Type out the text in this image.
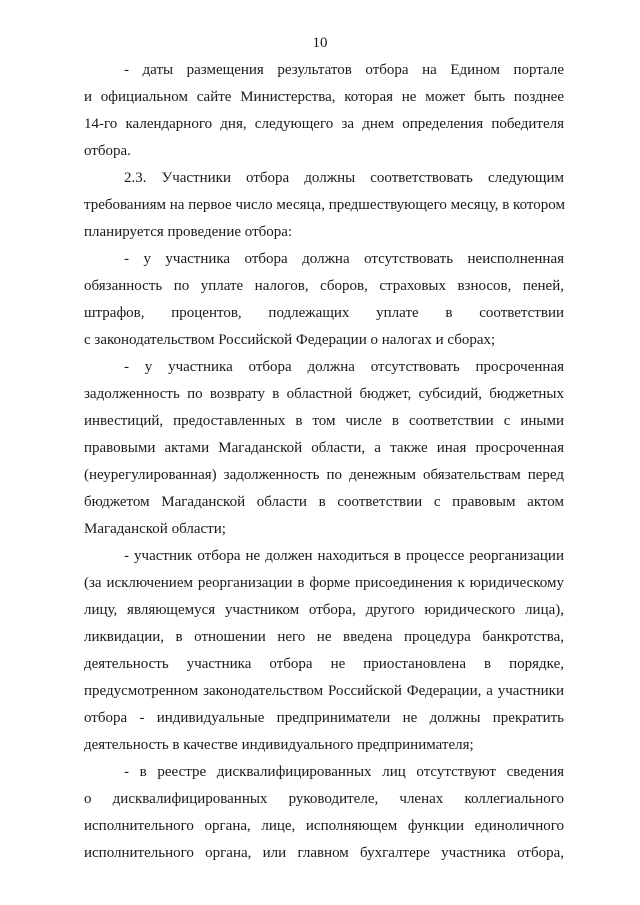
10
- даты размещения результатов отбора на Едином портале
и официальном сайте Министерства, которая не может быть позднее
14-го календарного дня, следующего за днем определения победителя
отбора.
2.3. Участники отбора должны соответствовать следующим
требованиям на первое число месяца, предшествующего месяцу, в котором
планируется проведение отбора:
- у участника отбора должна отсутствовать неисполненная
обязанность по уплате налогов, сборов, страховых взносов, пеней,
штрафов, процентов, подлежащих уплате в соответствии
с законодательством Российской Федерации о налогах и сборах;
- у участника отбора должна отсутствовать просроченная
задолженность по возврату в областной бюджет, субсидий, бюджетных
инвестиций, предоставленных в том числе в соответствии с иными
правовыми актами Магаданской области, а также иная просроченная
(неурегулированная) задолженность по денежным обязательствам перед
бюджетом Магаданской области в соответствии с правовым актом
Магаданской области;
- участник отбора не должен находиться в процессе реорганизации
(за исключением реорганизации в форме присоединения к юридическому
лицу, являющемуся участником отбора, другого юридического лица),
ликвидации, в отношении него не введена процедура банкротства,
деятельность участника отбора не приостановлена в порядке,
предусмотренном законодательством Российской Федерации, а участники
отбора - индивидуальные предприниматели не должны прекратить
деятельность в качестве индивидуального предпринимателя;
- в реестре дисквалифицированных лиц отсутствуют сведения
о дисквалифицированных руководителе, членах коллегиального
исполнительного органа, лице, исполняющем функции единоличного
исполнительного органа, или главном бухгалтере участника отбора,
